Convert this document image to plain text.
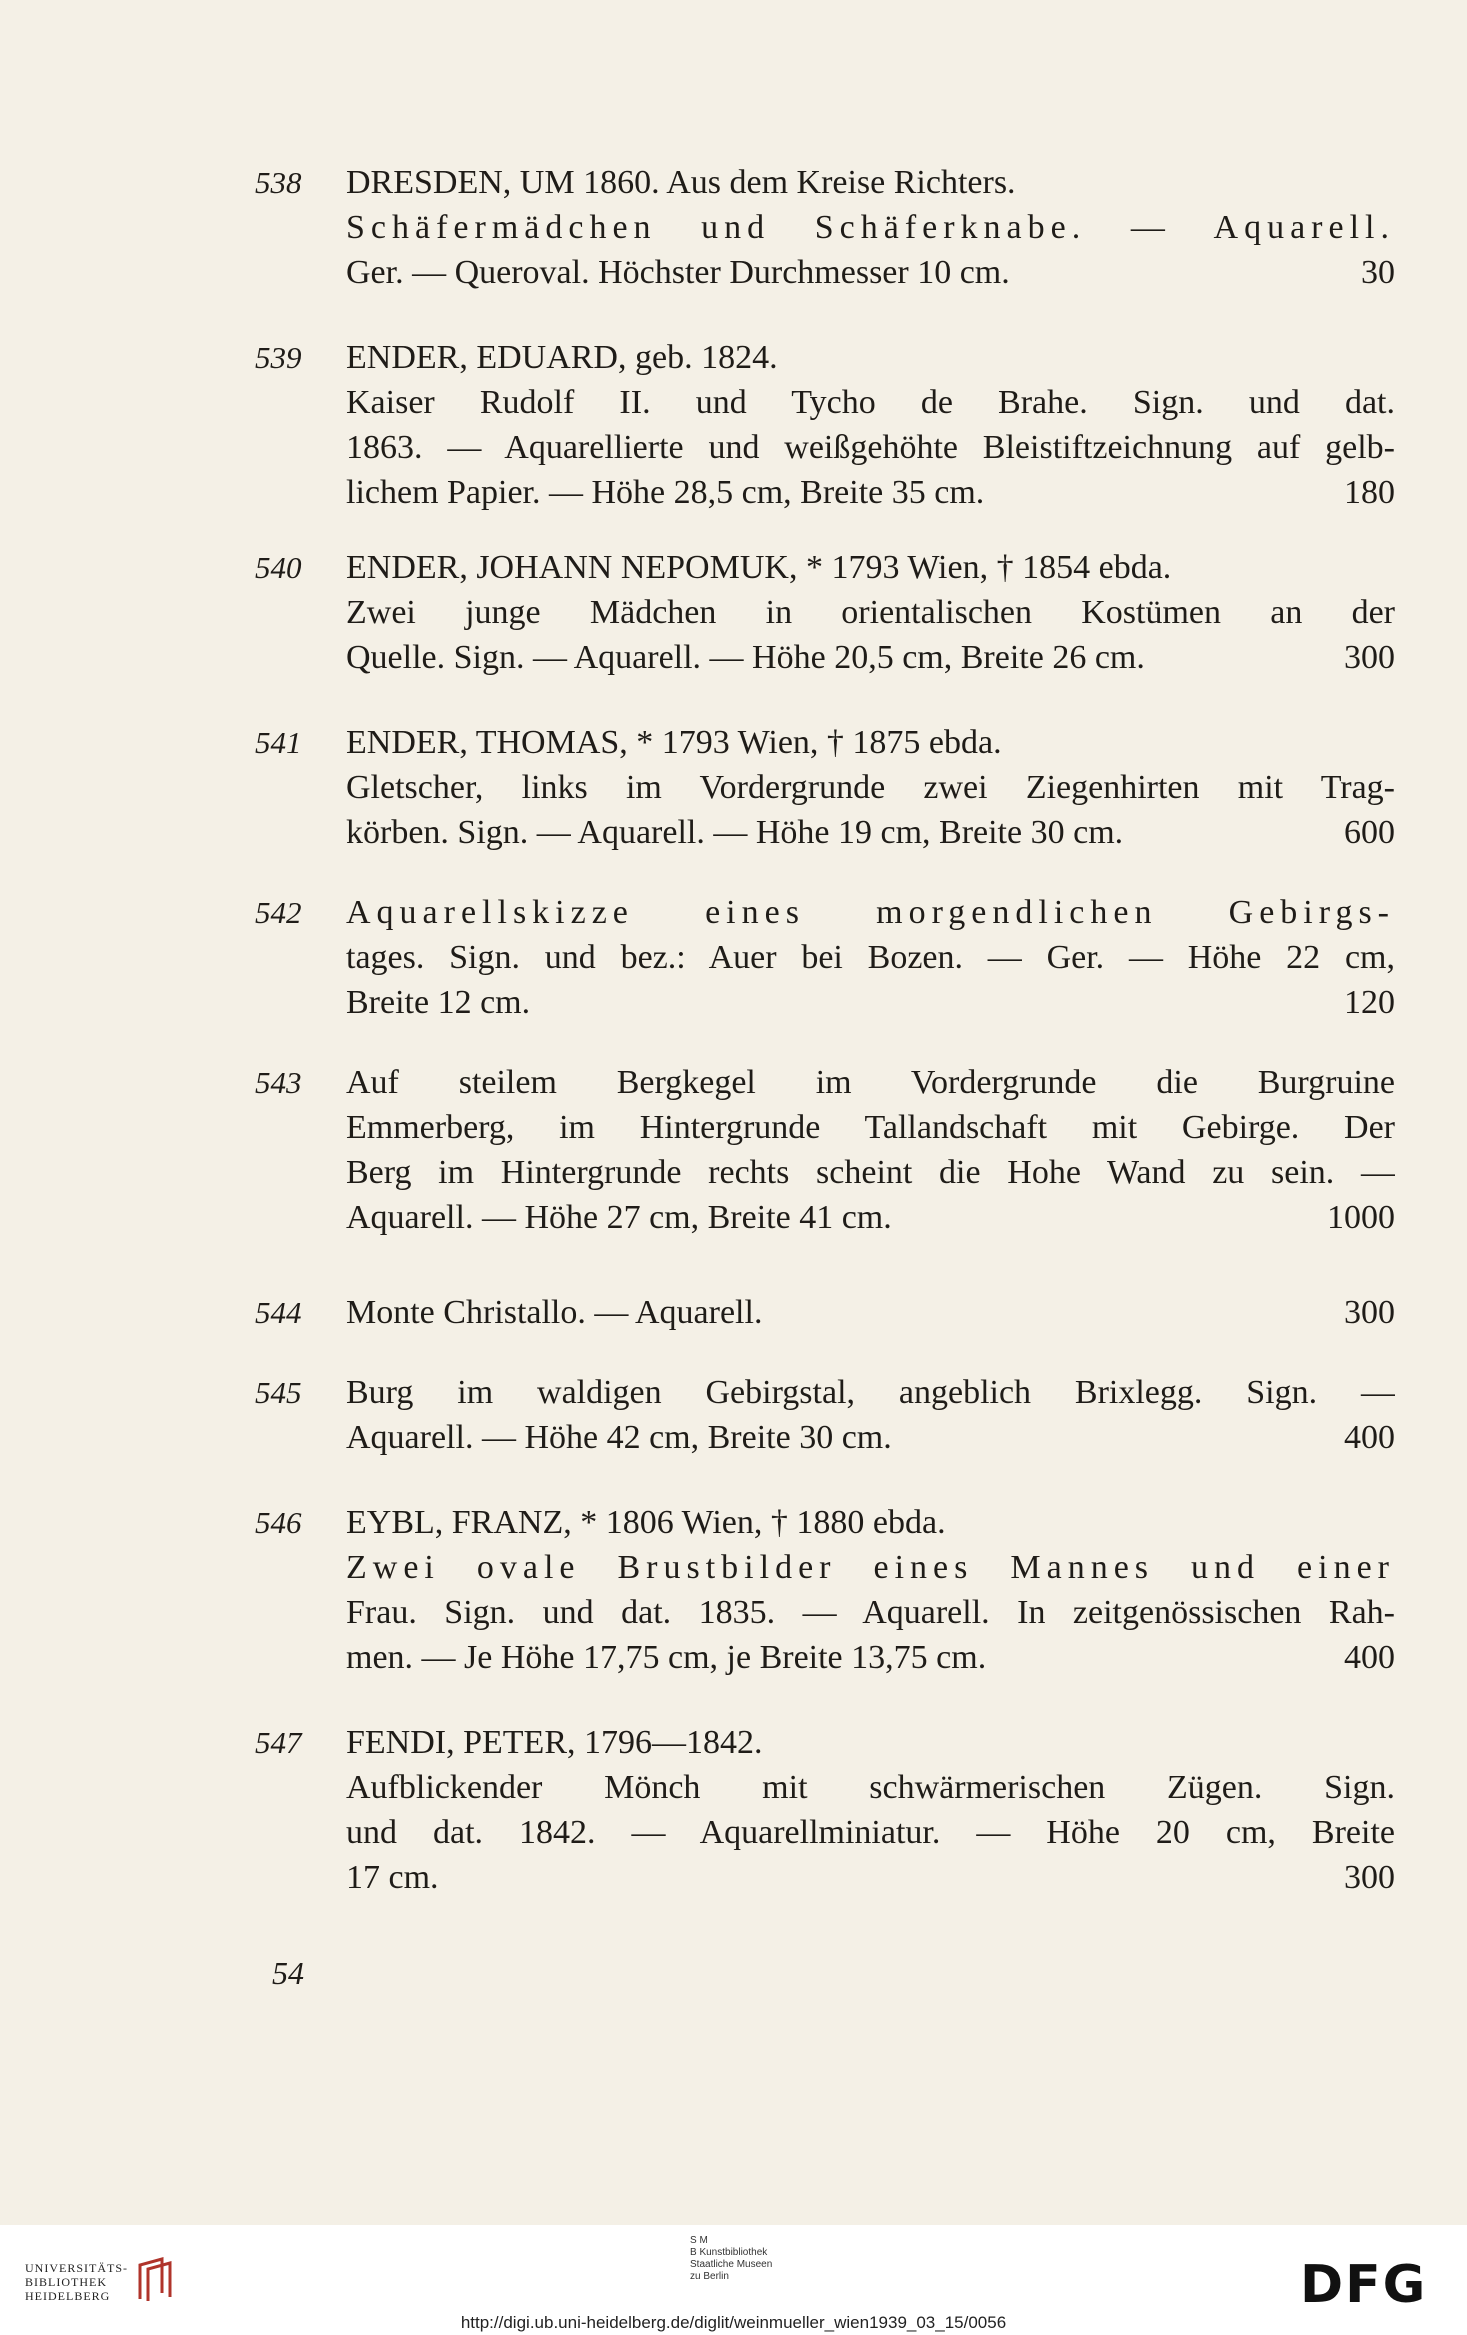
538	DRESDEN, UM 1860. Aus dem Kreise Richters.
Schäfermädchen und Schäferknabe. — Aquarell.
Ger. — Queroval. Höchster Durchmesser 10 cm.	30
539	ENDER, EDUARD, geb. 1824.
Kaiser Rudolf II. und Tycho de Brahe. Sign. und dat.
1863. — Aquarellierte und weißgehöhte Bleistiftzeichnung auf gelb-
lichem Papier. — Höhe 28,5 cm, Breite 35 cm.	180
540	ENDER, JOHANN NEPOMUK, * 1793 Wien, † 1854 ebda.
Zwei junge Mädchen in orientalischen Kostümen an der
Quelle. Sign. — Aquarell. — Höhe 20,5 cm, Breite 26 cm.	300
541	ENDER, THOMAS, * 1793 Wien, † 1875 ebda.
Gletscher, links im Vordergrunde zwei Ziegenhirten mit Trag-
körben. Sign. — Aquarell. — Höhe 19 cm, Breite 30 cm.	600
542	Aquarellskizze eines morgendlichen Gebirgs-
tages. Sign. und bez.: Auer bei Bozen. — Ger. — Höhe 22 cm,
Breite 12 cm.	120
543	Auf steilem Bergkegel im Vordergrunde die Burgruine
Emmerberg, im Hintergrunde Tallandschaft mit Gebirge. Der
Berg im Hintergrunde rechts scheint die Hohe Wand zu sein. —
Aquarell. — Höhe 27 cm, Breite 41 cm.	1000
544	Monte Christallo. — Aquarell.	300
545	Burg im waldigen Gebirgstal, angeblich Brixlegg. Sign. —
Aquarell. — Höhe 42 cm, Breite 30 cm.	400
546	EYBL, FRANZ, * 1806 Wien, † 1880 ebda.
Zwei ovale Brustbilder eines Mannes und einer
Frau. Sign. und dat. 1835. — Aquarell. In zeitgenössischen Rah-
men. — Je Höhe 17,75 cm, je Breite 13,75 cm.	400
547	FENDI, PETER, 1796—1842.
Aufblickender Mönch mit schwärmerischen Zügen. Sign.
und dat. 1842. — Aquarellminiatur. — Höhe 20 cm, Breite
17 cm.	300
54
UNIVERSITÄTS-
BIBLIOTHEK
HEIDELBERG
S M
B Kunstbibliothek
Staatliche Museen
zu Berlin	DFG
http://digi.ub.uni-heidelberg.de/diglit/weinmueller_wien1939_03_15/0056
